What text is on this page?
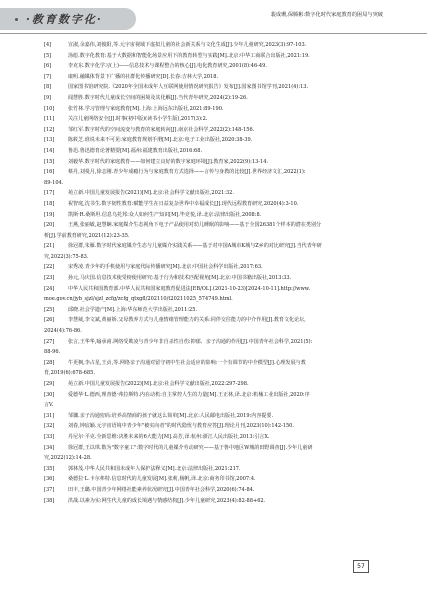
·教育数字化·	裴成珊,保腾彬:数字化时代家庭教育的困局与突破
[4]	宣淑,余嘉伟,刘俊阳,等.元宇宙视域下虚拟儿童的社会新关系与文化生成[J].少年儿童研究,2023(3):97-103.
[5]	汤彪.数字化教育:基于大数据和智能化场景应用下的教育转型与实践[M].北京:中华工商联合出版社,2021:19.
[6]	李克东.数字化学习(上)——信息技术与课程整合的核心[J].电化教育研究,2001(8):46-49.
[7]	康明.融媒体背景下广播的社群化传播研究[D].长春:吉林大学,2018.
[8]	国家图书馆研究院.《2020年全国未成年人互联网使用情况研究报告》发布[J].国家图书馆学刊,2021(4):13.
[9]	闻慧胜.数字时代儿童成长空间的困境及其化解[J].当代青年研究,2024(2):19-26.
[10]	张竹林.学习管理与家庭教育[M].上海:上海远东出版社,2021:89-190.
[11]	关注儿童网络安全[J].时事(初中版)(读书小学生版),2017(3):2.
[12]	邹红军.数字时代的空间流变与教育的家庭转向[J].南京社会科学,2022(2):148-156.
[13]	陈筱芝.谁说未来不可见:家庭教育规划手册[M].北京:电子工业出版社,2020:38-39.
[14]	鲁迅.鲁迅德育论著精要[M].福州:福建教育出版社,2016:68.
[15]	刘毅华.数字时代的家庭教育——如何建立良好的数字家庭环境[J].教育家,2022(9):13-14.
[16]	蔡丹,刘曼月,徐志刚.青少年成瘾行为与家庭教育方式选择——言传与身教的比较[J].世界经济文汇,2022(1):
89-104.
[17]	苑立新.中国儿童发展报告(2021)[M].北京:社会科学文献出版社,2021:32.
[18]	祝智庭,沈书生.数字韧性教育:赋能学生在日益复杂世界中幸福成长[J].现代远程教育研究,2020(4):3-10.
[19]	凯斯·R.桑斯坦.信息乌托邦:众人如何生产知识[M].毕竞悦,译.北京:法律出版社,2008:8.
[20]	王燕,张丽敏,赵慧娴.家庭媒介生态视角下电子产品使用对幼儿睡眠的影响——基于全国26381个样本的潜在类别分
析[J].学前教育研究,2021(12):23-35.
[21]	徐冠群,朱雁.数字时代家庭媒介生态与儿童媒介实践关系——基于对中国A城市K城与Z乡的对比研究[J].当代青年研
究,2022(3):75-83.
[22]	宋秀凌.青少年的手机使用与家庭代际传播研究[M].北京:中国社会科学出版社,2017:63.
[23]	孙元,马庆国.信息技术使受榜使用研究:基于行为和技术匹配视角[M].北京:中国书籍出版社,2013:33.
[24]	中华人民共和国教育部.中华人民共和国家庭教育促进法[EB/OL].(2021-10-23)[2024-10-11].http://www.
moe.gov.cn/jyb_sjzl/sjzl_zcfg/zcfg_qtxgfl/202110/t20211025_574749.html.
[25]	邱晓.社会学遗产[M].上海:华东师范大学出版社,2011:25.
[26]	李慧葳,李文斌,黄丽娇.父母教养方式与儿童情绪管理能力的关系:同伴交往能力的中介作用[J].教育文化论坛,
2024(4):76-86.
[27]	张言,王华华,喻承甫.网络受欺凌与青少年非自杀性自伤:抑郁、亲子沟通的作用[J].中国青年社会科学,2021(5):
88-96.
[28]	牛更枫,李占星,王贞,等.网络亲子沟通对留守初中生社会适应的影响:一个有调节的中介模型[J].心理发展与教
育,2019(6):678-685.
[29]	苑立新.中国儿童发展报告(2022)[M].北京:社会科学文献出版社,2022:297-298.
[30]	爱德华·L.德西,理查德·弗拉斯特.内在动机:自主掌控人生的力量[M].王正林,译.北京:机械工业出版社,2020:序
言V.
[31]	邹骤.亲子沟通密码:培养高情商的孩子就这么简单[M].北京:人民邮电出版社,2019:内容提要.
[32]	刘春,钟宸颖.元宇宙语境中青少年"被实向者"的时代隐忧与教育应答[J].理论月刊,2023(10):142-150.
[33]	丹尼尔·平克.全新思维:决胜未来的6大能力[M].高芳,译.杭州:浙江人民出版社,2013:引言X.
[34]	徐冠群,王以琪.数为"数字童工":数字时代的儿童媒介劳动研究——基于鲁中地区W城的田野调查[J].少年儿童研
究,2022(12):14-28.
[35]	郭林茂.中华人民共和国未成年人保护法释义[M].北京:法律出版社,2021:217.
[36]	桑德拉·L.卡尔弗特.信息时代的儿童发展[M].张莉,杨帆,译.北京:商务印书馆,2007:4.
[37]	田丰,王璐.中国青少年网络社能素养状况研究[J].中国青年社会科学,2020(6):74-84.
[38]	洪战.以素为实:网生代儿童的成长境遇与情感结构[J].少年儿童研究,2023(4):82-88+62.
57
